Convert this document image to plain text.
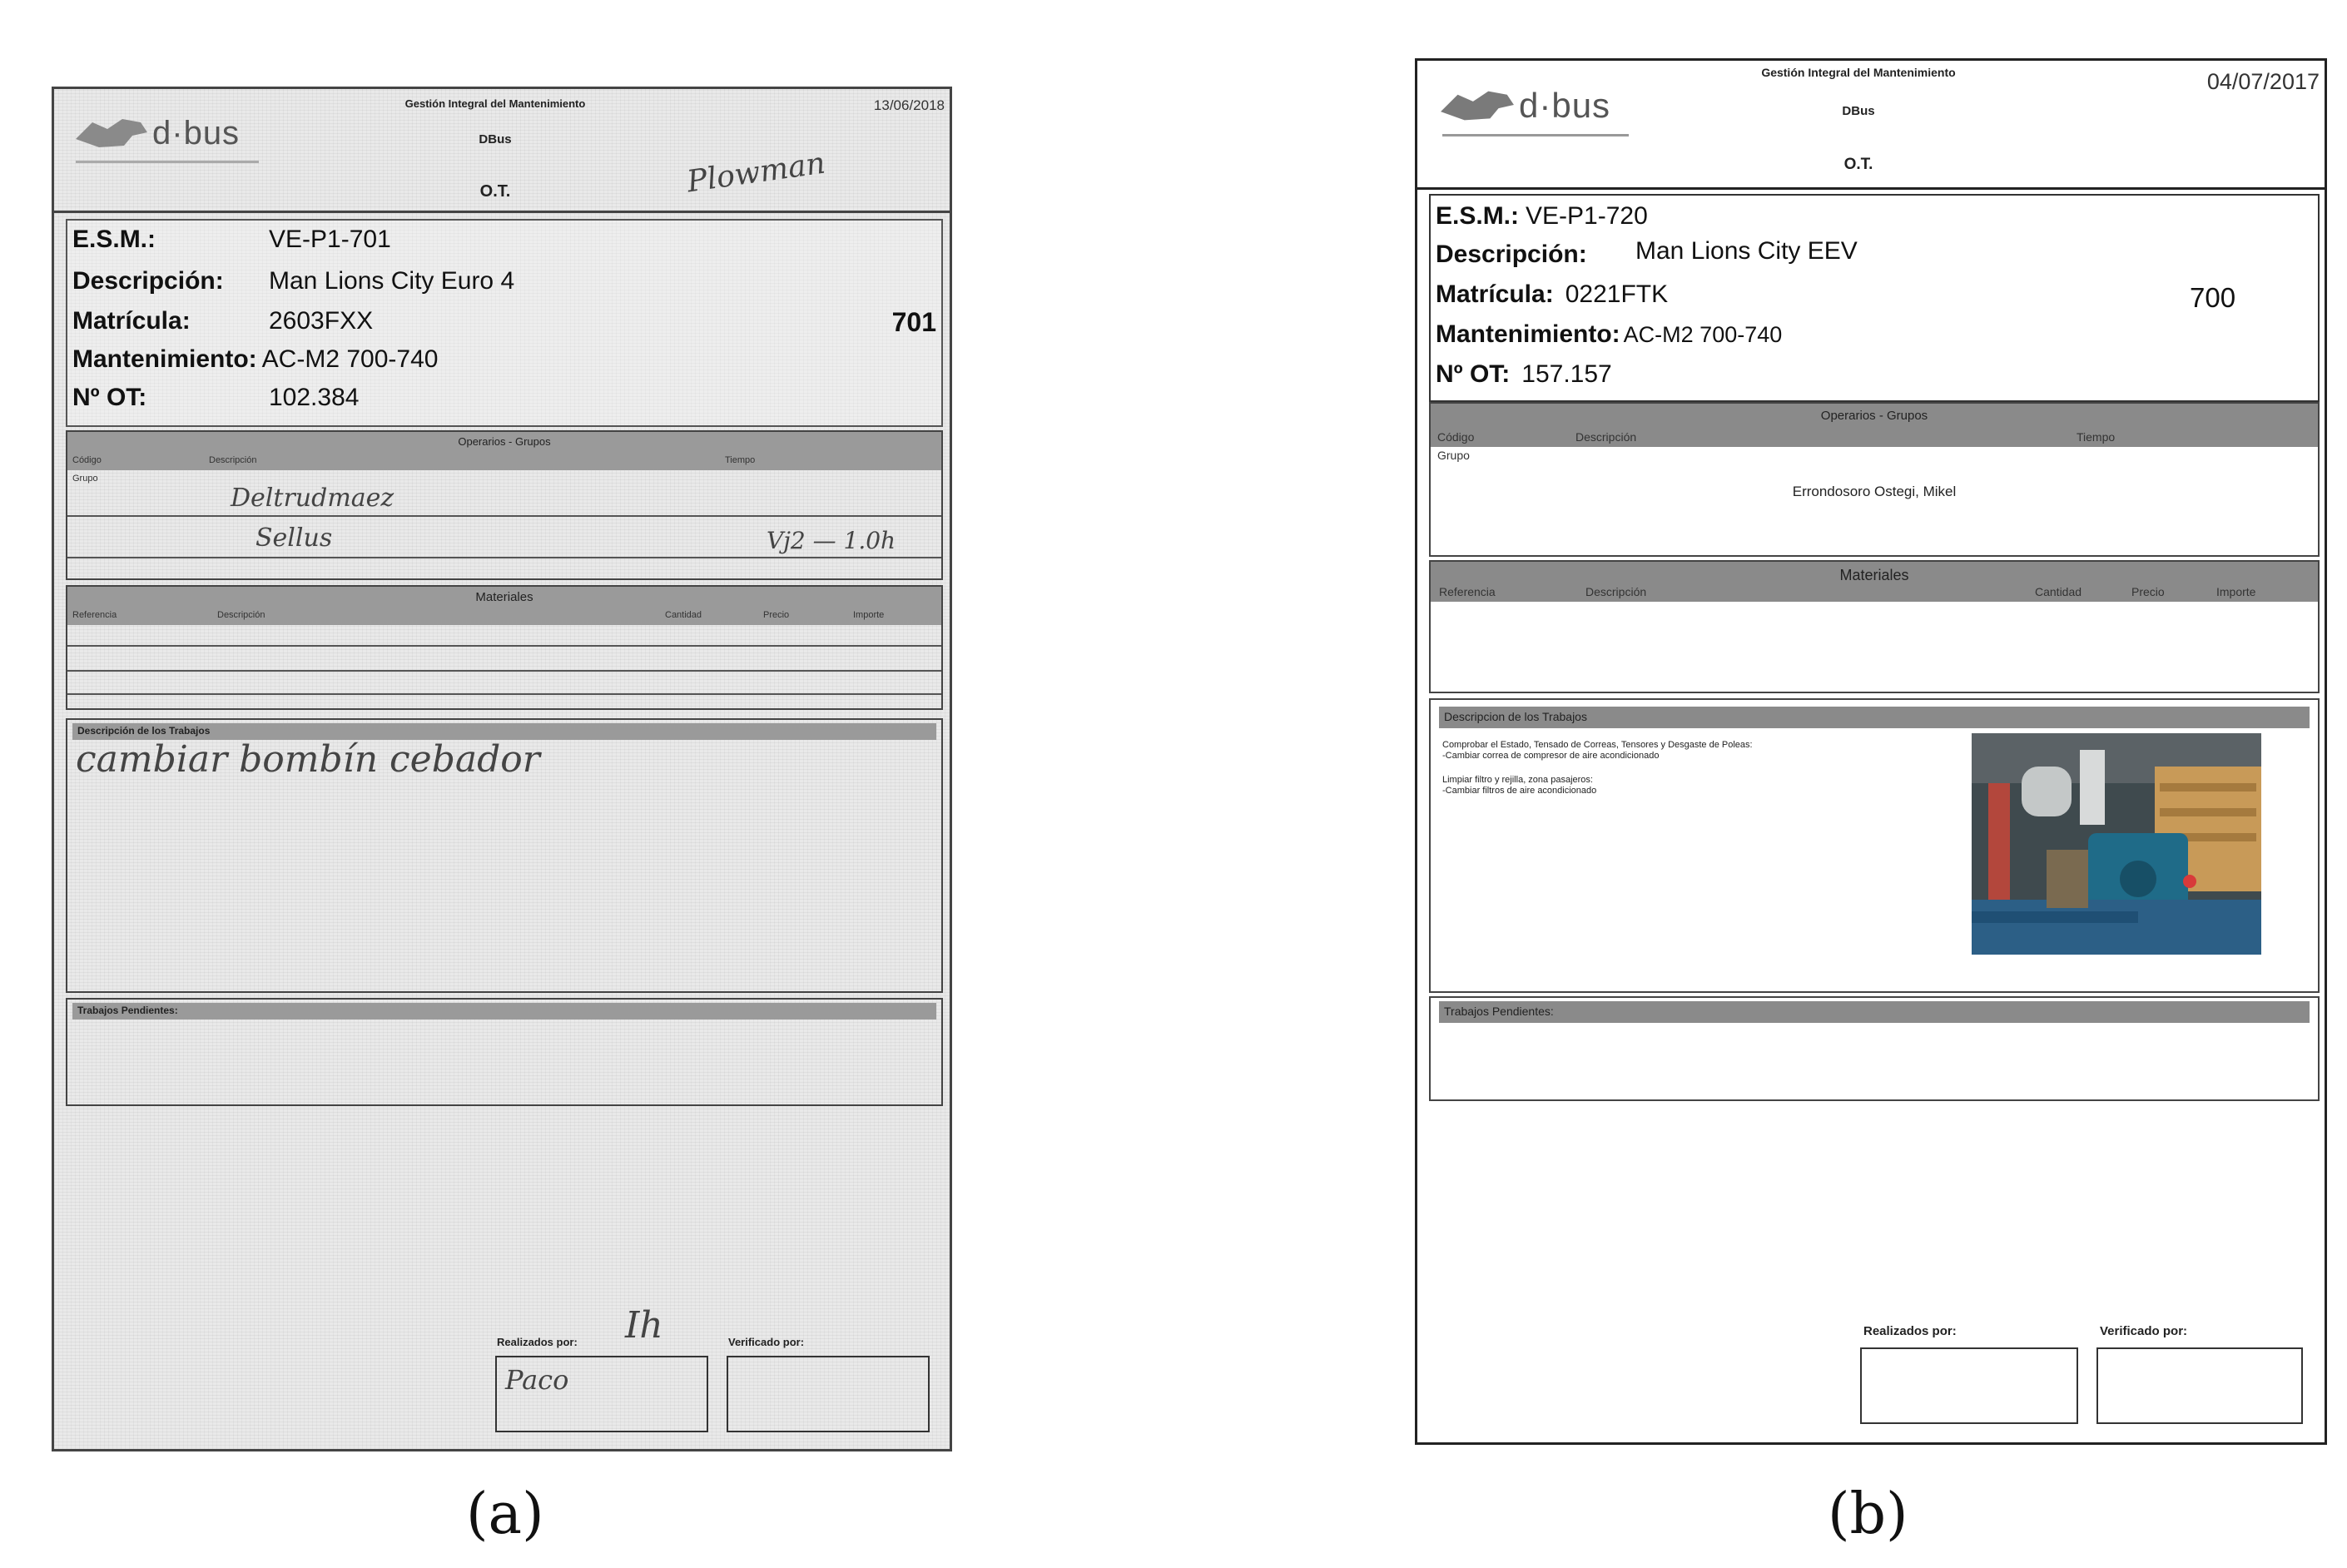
d·bus
Gestión Integral del Mantenimiento
DBus
O.T.
13/06/2018
Plowman
E.S.M.:	VE-P1-701
Descripción: Man Lions City Euro 4
Matrícula:	2603FXX	701
Mantenimiento: AC-M2 700-740
Nº OT:	102.384
Operarios - Grupos
Código	Descripción	Tiempo
Grupo
Deltrudmaez
Sellus	Vj2 — 1.0h
Materiales
Referencia	Descripción	Cantidad	Precio	Importe
Descripción de los Trabajos
cambiar bombín cebador
Trabajos Pendientes:
Realizados por: Ih	Verificado por:
Paco
d·bus
Gestión Integral del Mantenimiento
DBus
O.T.
04/07/2017
E.S.M.: VE-P1-720
Descripción: Man Lions City EEV
Matrícula: 0221FTK	700
Mantenimiento: AC-M2 700-740
Nº OT: 157.157
Operarios - Grupos
Código	Descripción	Tiempo
Grupo
Errondosoro Ostegi, Mikel
Materiales
Referencia	Descripción	Cantidad	Precio	Importe
Descripcion de los Trabajos
Comprobar el Estado, Tensado de Correas, Tensores y Desgaste de Poleas:
-Cambiar correa de compresor de aire acondicionado
Limpiar filtro y rejilla, zona pasajeros:
-Cambiar filtros de aire acondicionado
Trabajos Pendientes:
Realizados por:	Verificado por:
(a)	(b)
